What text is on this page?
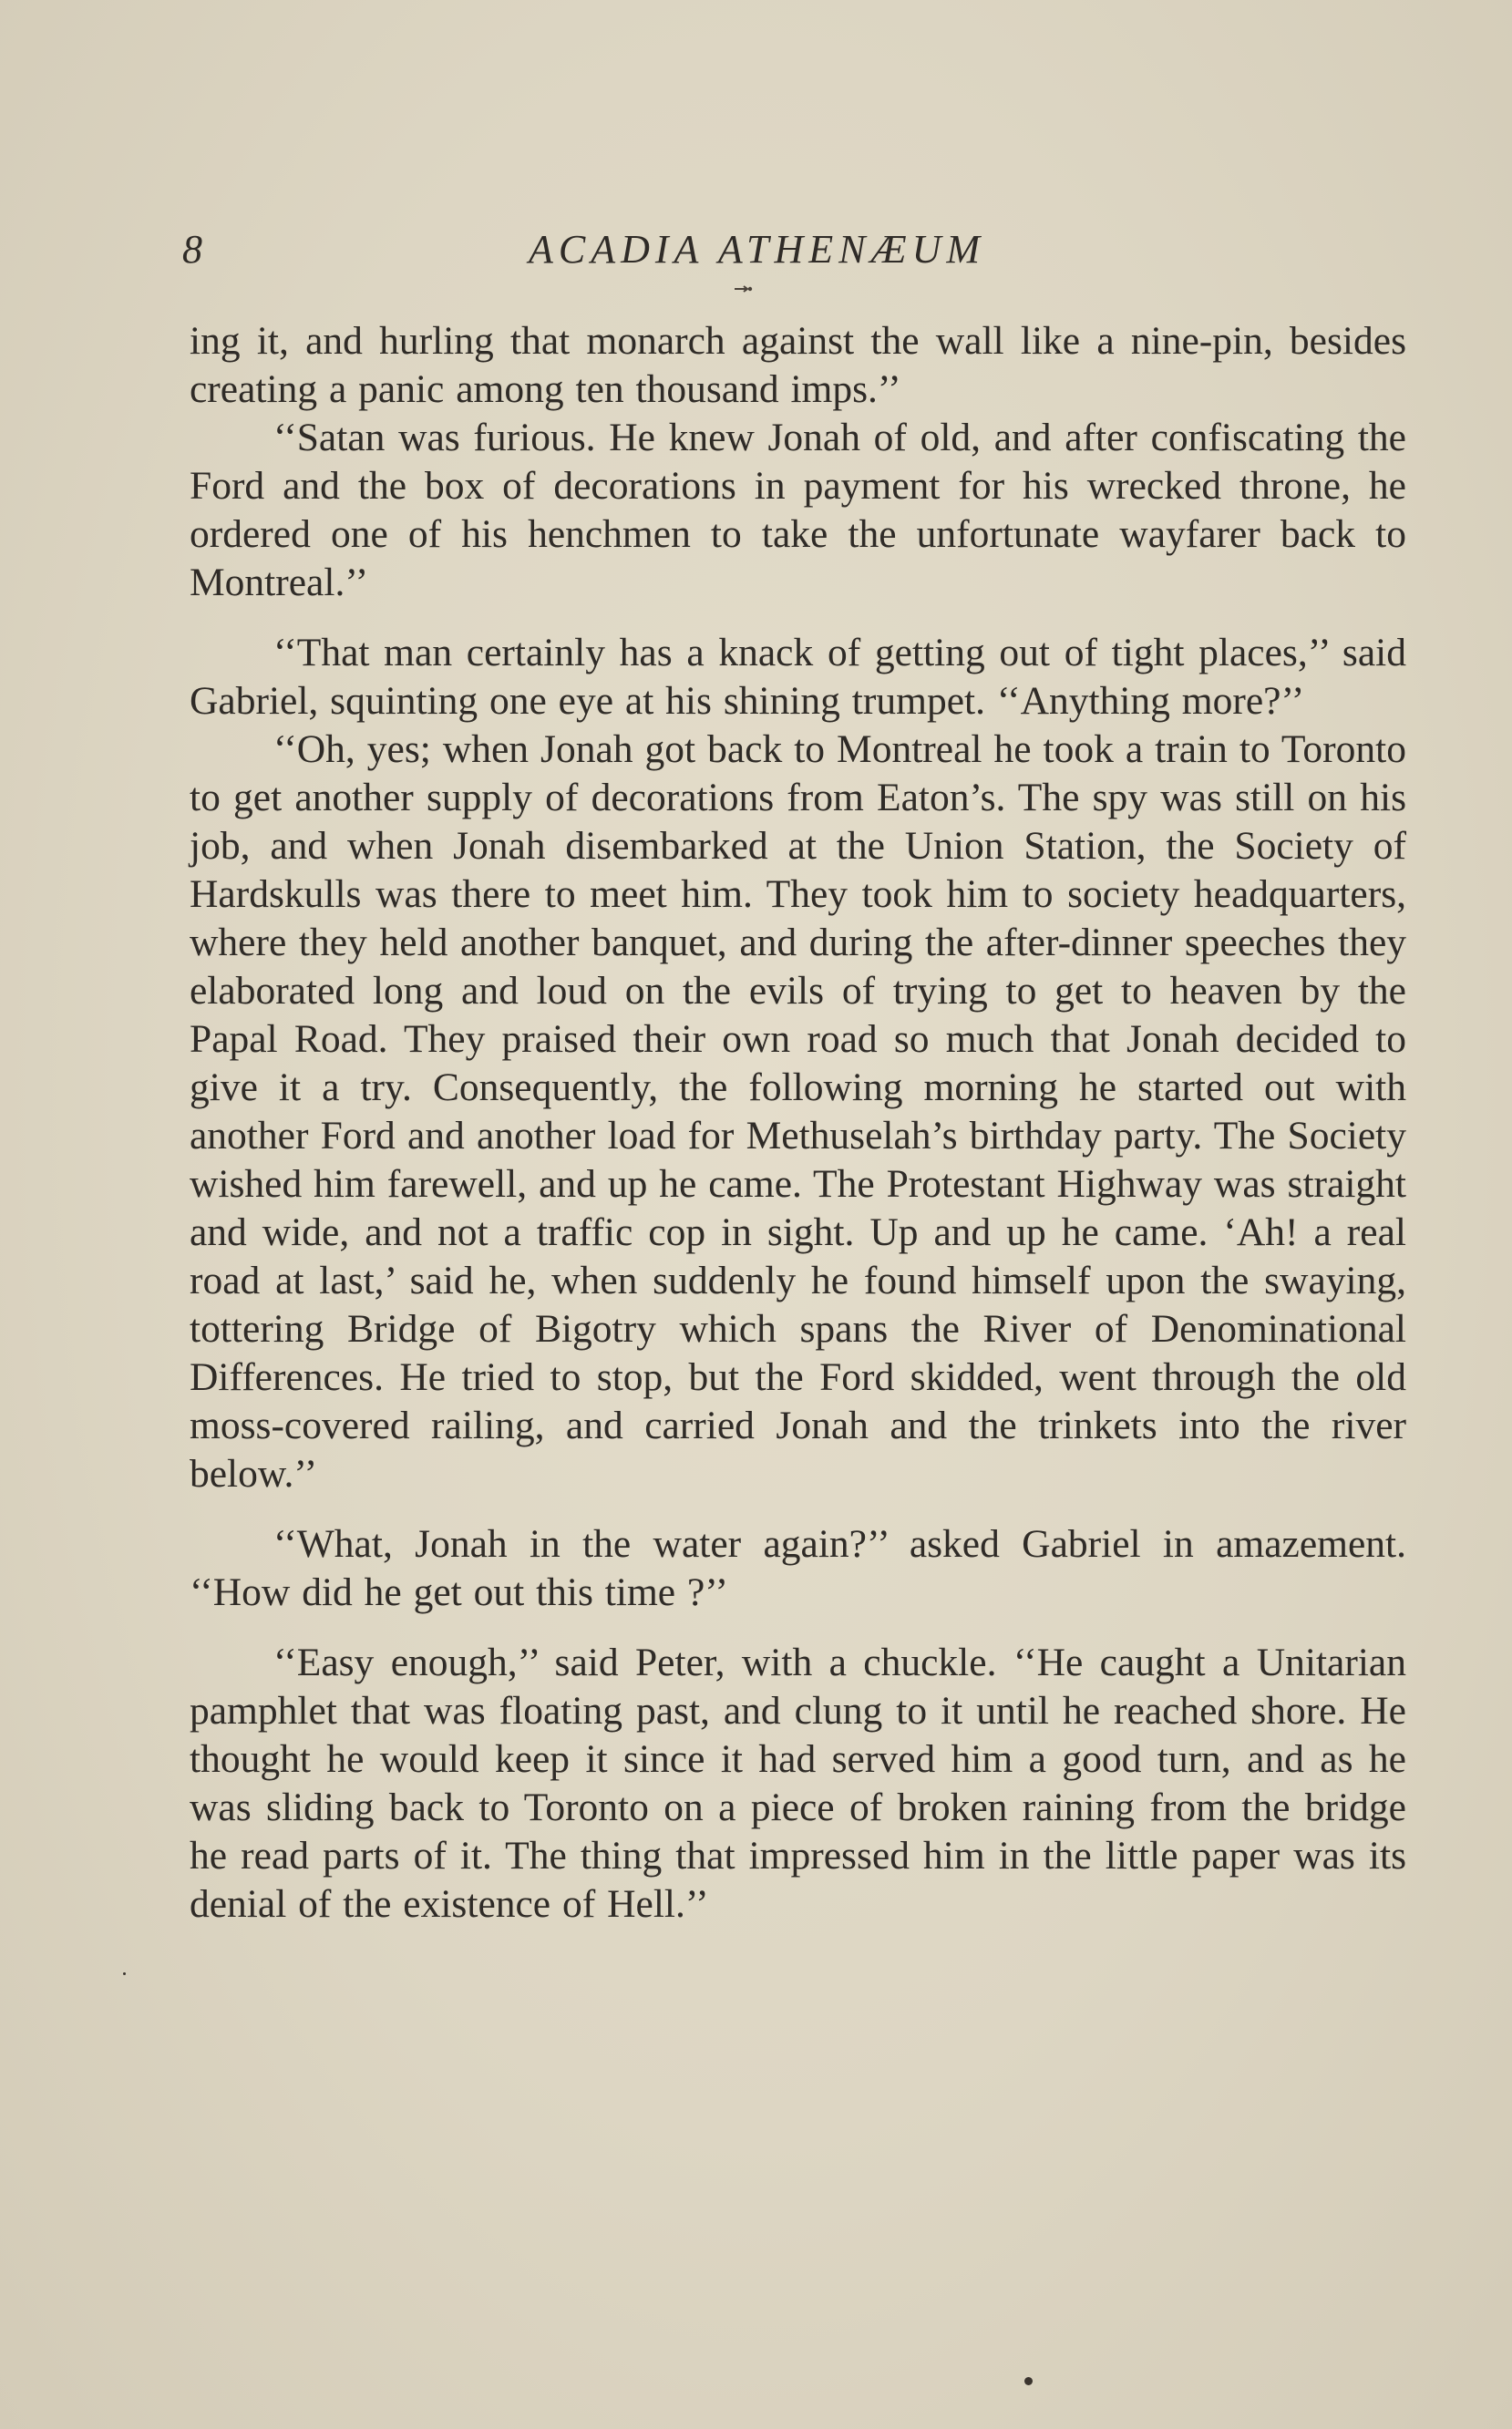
8	ACADIA ATHENÆUM

ing it, and hurling that monarch against the wall like a nine-pin, besides creating a panic among ten thousand imps.’’

‘‘Satan was furious. He knew Jonah of old, and after confiscating the Ford and the box of decorations in payment for his wrecked throne, he ordered one of his henchmen to take the unfortunate wayfarer back to Montreal.’’

‘‘That man certainly has a knack of getting out of tight places,’’ said Gabriel, squinting one eye at his shining trumpet. ‘‘Anything more?’’

‘‘Oh, yes; when Jonah got back to Montreal he took a train to Toronto to get another supply of decorations from Eaton’s. The spy was still on his job, and when Jonah disembarked at the Union Station, the Society of Hardskulls was there to meet him. They took him to society headquarters, where they held another banquet, and during the after-dinner speeches they elaborated long and loud on the evils of trying to get to heaven by the Papal Road. They praised their own road so much that Jonah decided to give it a try. Consequently, the following morning he started out with another Ford and another load for Methuselah’s birthday party. The Society wished him farewell, and up he came. The Protestant Highway was straight and wide, and not a traffic cop in sight. Up and up he came. ‘Ah! a real road at last,’ said he, when suddenly he found himself upon the swaying, tottering Bridge of Bigotry which spans the River of Denominational Differences. He tried to stop, but the Ford skidded, went through the old moss-covered railing, and carried Jonah and the trinkets into the river below.’’

‘‘What, Jonah in the water again?’’ asked Gabriel in amazement. ‘‘How did he get out this time ?’’

‘‘Easy enough,’’ said Peter, with a chuckle. ‘‘He caught a Unitarian pamphlet that was floating past, and clung to it until he reached shore. He thought he would keep it since it had served him a good turn, and as he was sliding back to Toronto on a piece of broken raining from the bridge he read parts of it. The thing that impressed him in the little paper was its denial of the existence of Hell.’’
